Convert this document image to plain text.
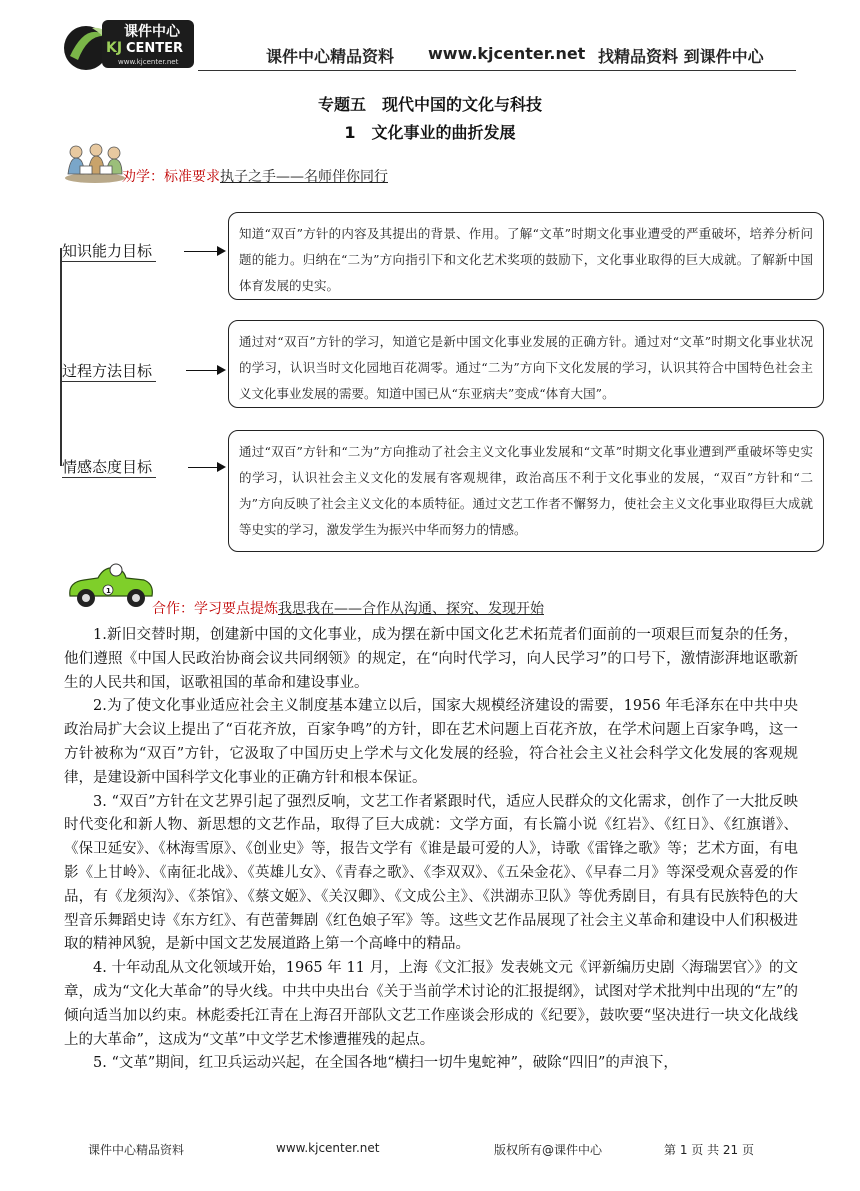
课件中心
KJ CENTER
www.kjcenter.net	课件中心精品资料 www.kjcenter.net 找精品资料 到课件中心
专题五　现代中国的文化与科技
1　文化事业的曲折发展
劝学：标准要求执子之手——名师伴你同行
知识能力目标
知道“双百”方针的内容及其提出的背景、作用。了解“文革”时期文化事业遭受的严重破坏，培养分析问题的能力。归纳在“二为”方向指引下和文化艺术奖项的鼓励下，文化事业取得的巨大成就。了解新中国体育发展的史实。
过程方法目标
通过对“双百”方针的学习，知道它是新中国文化事业发展的正确方针。通过对“文革”时期文化事业状况的学习，认识当时文化园地百花凋零。通过“二为”方向下文化发展的学习，认识其符合中国特色社会主义文化事业发展的需要。知道中国已从“东亚病夫”变成“体育大国”。
情感态度目标
通过“双百”方针和“二为”方向推动了社会主义文化事业发展和“文革”时期文化事业遭到严重破坏等史实的学习，认识社会主义文化的发展有客观规律，政治高压不利于文化事业的发展，“双百”方针和“二为”方向反映了社会主义文化的本质特征。通过文艺工作者不懈努力，使社会主义文化事业取得巨大成就等史实的学习，激发学生为振兴中华而努力的情感。
1
合作：学习要点提炼我思我在——合作从沟通、探究、发现开始

1.新旧交替时期，创建新中国的文化事业，成为摆在新中国文化艺术拓荒者们面前的一项艰巨而复杂的任务，他们遵照《中国人民政治协商会议共同纲领》的规定，在“向时代学习，向人民学习”的口号下，激情澎湃地讴歌新生的人民共和国，讴歌祖国的革命和建设事业。

2.为了使文化事业适应社会主义制度基本建立以后，国家大规模经济建设的需要，1956 年毛泽东在中共中央政治局扩大会议上提出了“百花齐放，百家争鸣”的方针，即在艺术问题上百花齐放，在学术问题上百家争鸣，这一方针被称为“双百”方针，它汲取了中国历史上学术与文化发展的经验，符合社会主义社会科学文化发展的客观规律，是建设新中国科学文化事业的正确方针和根本保证。

3. “双百”方针在文艺界引起了强烈反响，文艺工作者紧跟时代，适应人民群众的文化需求，创作了一大批反映时代变化和新人物、新思想的文艺作品，取得了巨大成就：文学方面，有长篇小说《红岩》、《红日》、《红旗谱》、《保卫延安》、《林海雪原》、《创业史》等，报告文学有《谁是最可爱的人》，诗歌《雷锋之歌》等；艺术方面，有电影《上甘岭》、《南征北战》、《英雄儿女》、《青春之歌》、《李双双》、《五朵金花》、《早春二月》等深受观众喜爱的作品，有《龙须沟》、《茶馆》、《蔡文姬》、《关汉卿》、《文成公主》、《洪湖赤卫队》等优秀剧目，有具有民族特色的大型音乐舞蹈史诗《东方红》、有芭蕾舞剧《红色娘子军》等。这些文艺作品展现了社会主义革命和建设中人们积极进取的精神风貌，是新中国文艺发展道路上第一个高峰中的精品。

4. 十年动乱从文化领域开始，1965 年 11 月，上海《文汇报》发表姚文元《评新编历史剧〈海瑞罢官〉》的文章，成为“文化大革命”的导火线。中共中央出台《关于当前学术讨论的汇报提纲》，试图对学术批判中出现的“左”的倾向适当加以约束。林彪委托江青在上海召开部队文艺工作座谈会形成的《纪要》，鼓吹要“坚决进行一块文化战线上的大革命”，这成为“文革”中文学艺术惨遭摧残的起点。

5. “文革”期间，红卫兵运动兴起，在全国各地“横扫一切牛鬼蛇神”，破除“四旧”的声浪下，

课件中心精品资料	www.kjcenter.net	版权所有@课件中心	第 1 页 共 21 页
